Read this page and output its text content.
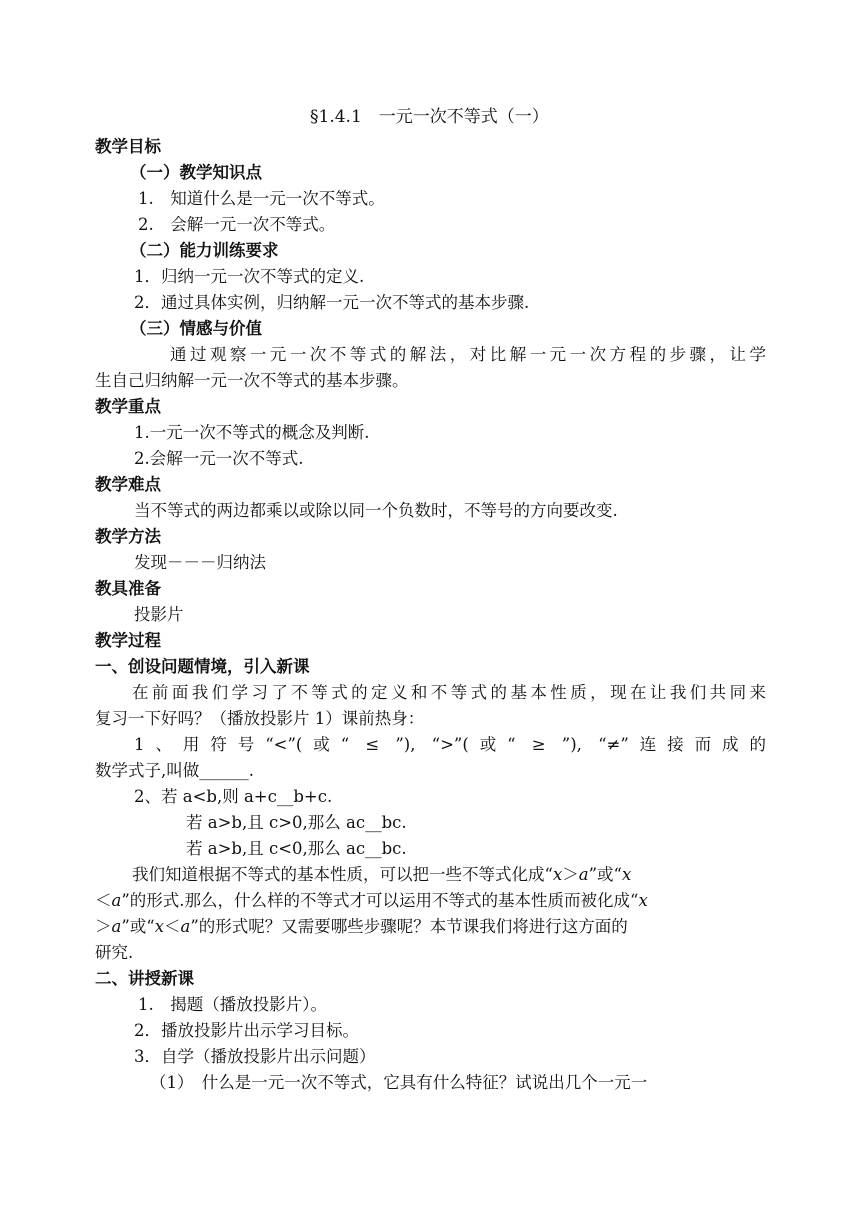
§1.4.1　一元一次不等式（一）
教学目标
（一）教学知识点
1.　知道什么是一元一次不等式。
2.　会解一元一次不等式。
（二）能力训练要求
1．归纳一元一次不等式的定义.
2．通过具体实例，归纳解一元一次不等式的基本步骤.
（三）情感与价值
通过观察一元一次不等式的解法，对比解一元一次方程的步骤，让学
生自己归纳解一元一次不等式的基本步骤。
教学重点
1.一元一次不等式的概念及判断.
2.会解一元一次不等式.
教学难点
当不等式的两边都乘以或除以同一个负数时，不等号的方向要改变.
教学方法
发现－－－归纳法
教具准备
投影片
教学过程
一、创设问题情境，引入新课
在前面我们学习了不等式的定义和不等式的基本性质，现在让我们共同来
复习一下好吗？（播放投影片 1）课前热身：
1、用符号“<”(或“ ≤ ”), “>”(或“ ≥ ”), “≠”连接而成的
数学式子,叫做______.
2、若 a<b,则 a+c__b+c.
若 a>b,且 c>0,那么 ac__bc.
若 a>b,且 c<0,那么 ac__bc.
我们知道根据不等式的基本性质，可以把一些不等式化成“x＞a”或“x
＜a”的形式.那么，什么样的不等式才可以运用不等式的基本性质而被化成“x
＞a”或“x＜a”的形式呢？又需要哪些步骤呢？本节课我们将进行这方面的
研究.
二、讲授新课
1.　揭题（播放投影片）。
2．播放投影片出示学习目标。
3．自学（播放投影片出示问题）
（1）　什么是一元一次不等式，它具有什么特征？试说出几个一元一
